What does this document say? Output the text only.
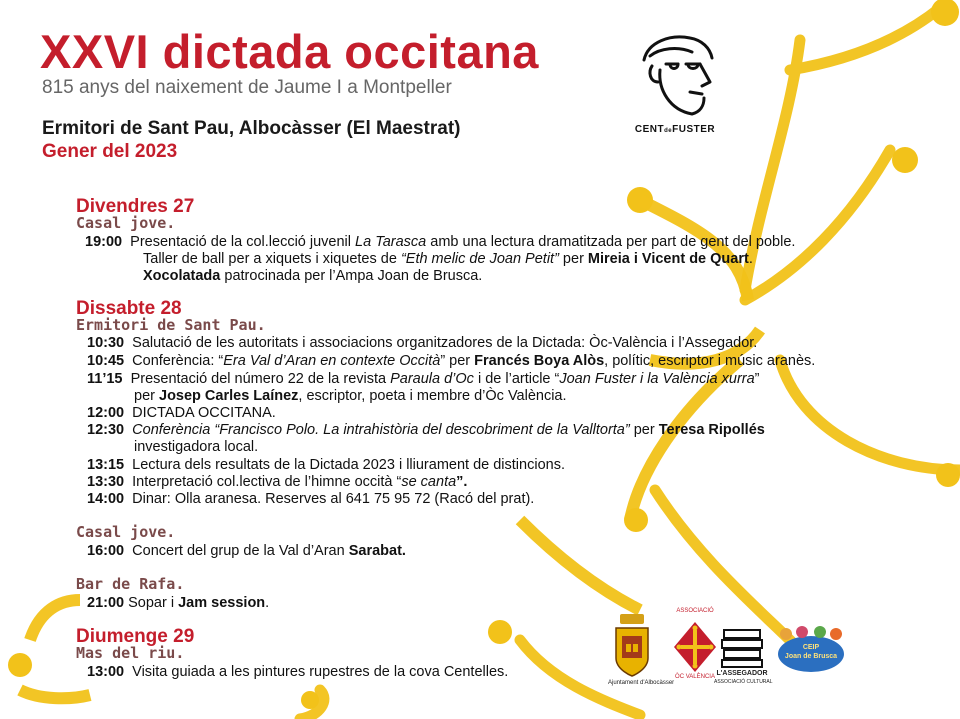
XXVI dictada occitana
815 anys del naixement de Jaume I a Montpeller
Ermitori de Sant Pau, Albocàsser (El Maestrat)
Gener del 2023
CENTdeFUSTER
Divendres 27
Casal jove.
19:00 Presentació de la col.lecció juvenil La Tarasca amb una lectura dramatitzada per part de gent del poble.
Taller de ball per a xiquets i xiquetes de “Eth melic de Joan Petit” per Mireia i Vicent de Quart.
Xocolatada patrocinada per l’Ampa Joan de Brusca.
Dissabte 28
Ermitori de Sant Pau.
10:30 Salutació de les autoritats i associacions organitzadores de la Dictada: Òc-València i l’Assegador.
10:45 Conferència: “Era Val d’Aran en contexte Occità” per Francés Boya Alòs, polític, escriptor i músic aranès.
11’15 Presentació del número 22 de la revista Paraula d’Oc i de l’article “Joan Fuster i la València xurra”
per Josep Carles Laínez, escriptor, poeta i membre d’Òc València.
12:00 DICTADA OCCITANA.
12:30 Conferència “Francisco Polo. La intrahistòria del descobriment de la Valltorta” per Teresa Ripollés
investigadora local.
13:15 Lectura dels resultats de la Dictada 2023 i lliurament de distincions.
13:30 Interpretació col.lectiva de l’himne occità “se canta”.
14:00 Dinar: Olla aranesa. Reserves al 641 75 95 72 (Racó del prat).
Casal jove.
16:00 Concert del grup de la Val d’Aran Sarabat.
Bar de Rafa.
21:00 Sopar i Jam session.
Diumenge 29
Mas del riu.
13:00 Visita guiada a les pintures rupestres de la cova Centelles.
Ajuntament d'Albocàsser
ASSOCIACIÓ
ÒC VALÈNCIA L'ASSEGADOR
ASSOCIACIÓ CULTURAL
CEIP
Joan de Brusca
